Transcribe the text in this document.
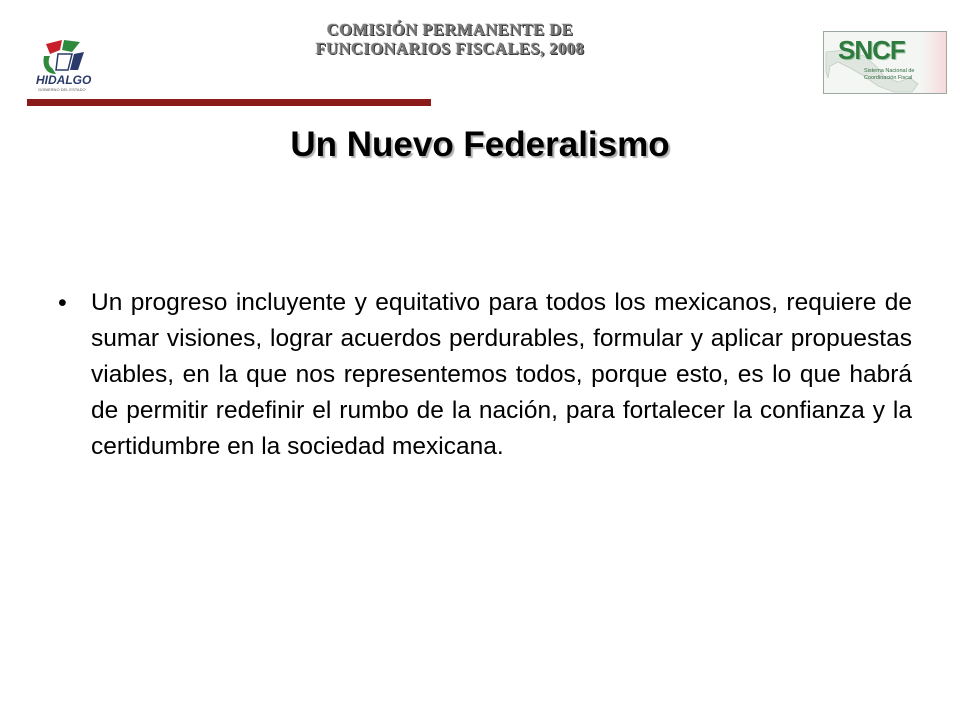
HIDALGO
GOBIERNO DEL ESTADO
COMISIÓN PERMANENTE DE
FUNCIONARIOS FISCALES, 2008	SNCF
Sistema Nacional de
Coordinación Fiscal
Un Nuevo Federalismo
• Un progreso incluyente y equitativo para todos los mexicanos, requiere de sumar visiones, lograr acuerdos perdurables, formular y aplicar propuestas viables, en la que nos representemos todos, porque esto, es lo que habrá de permitir redefinir el rumbo de la nación, para fortalecer la confianza y la certidumbre en la sociedad mexicana.
